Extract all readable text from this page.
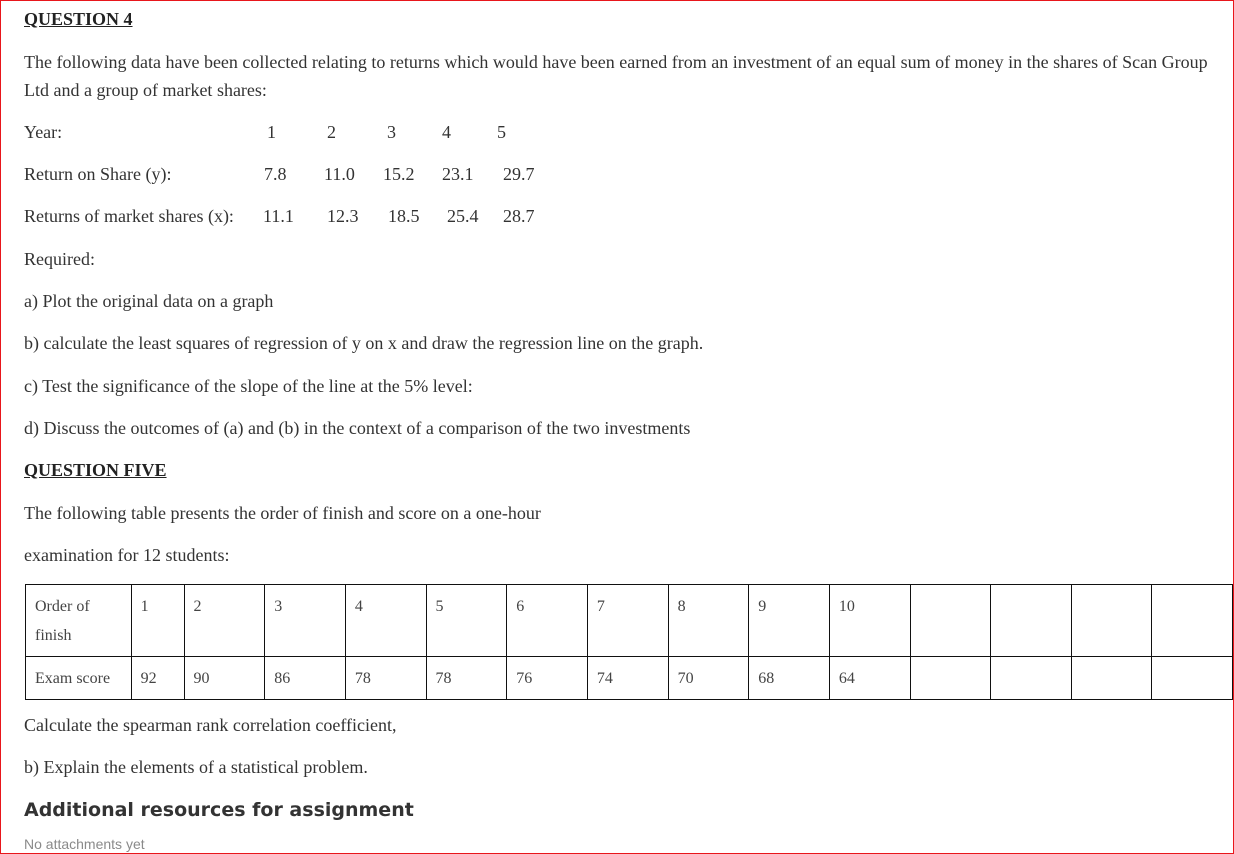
QUESTION 4
The following data have been collected relating to returns which would have been earned from an investment of an equal sum of money in the shares of Scan Group Ltd and a group of market shares:
Year:	1	2	3	4	5
Return on Share (y):	7.8 11.0 15.2 23.1 29.7
Returns of market shares (x): 11.1 12.3 18.5 25.4 28.7
Required:
a) Plot the original data on a graph
b) calculate the least squares of regression of y on x and draw the regression line on the graph.
c) Test the significance of the slope of the line at the 5% level:
d) Discuss the outcomes of (a) and (b) in the context of a comparison of the two investments
QUESTION FIVE
The following table presents the order of finish and score on a one-hour
examination for 12 students:
Order of finish	1	2	3	4	5	6	7	8	9	10				
Exam score	92	90	86	78	78	76	74	70	68	64				
Calculate the spearman rank correlation coefficient,
b) Explain the elements of a statistical problem.
Additional resources for assignment
No attachments yet
